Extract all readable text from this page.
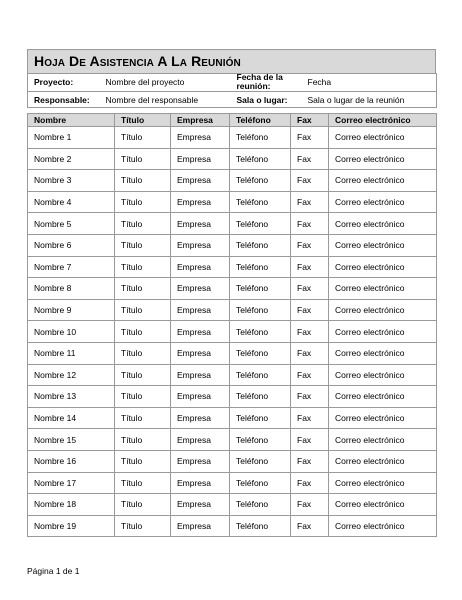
Hoja De Asistencia A La Reunión
Proyecto:	Nombre del proyecto	Fecha de la reunión:	Fecha
Responsable:	Nombre del responsable	Sala o lugar:	Sala o lugar de la reunión
Nombre	Título	Empresa	Teléfono	Fax	Correo electrónico
Nombre 1	Título	Empresa	Teléfono	Fax	Correo electrónico
Nombre 2	Título	Empresa	Teléfono	Fax	Correo electrónico
Nombre 3	Título	Empresa	Teléfono	Fax	Correo electrónico
Nombre 4	Título	Empresa	Teléfono	Fax	Correo electrónico
Nombre 5	Título	Empresa	Teléfono	Fax	Correo electrónico
Nombre 6	Título	Empresa	Teléfono	Fax	Correo electrónico
Nombre 7	Título	Empresa	Teléfono	Fax	Correo electrónico
Nombre 8	Título	Empresa	Teléfono	Fax	Correo electrónico
Nombre 9	Título	Empresa	Teléfono	Fax	Correo electrónico
Nombre 10	Título	Empresa	Teléfono	Fax	Correo electrónico
Nombre 11	Título	Empresa	Teléfono	Fax	Correo electrónico
Nombre 12	Título	Empresa	Teléfono	Fax	Correo electrónico
Nombre 13	Título	Empresa	Teléfono	Fax	Correo electrónico
Nombre 14	Título	Empresa	Teléfono	Fax	Correo electrónico
Nombre 15	Título	Empresa	Teléfono	Fax	Correo electrónico
Nombre 16	Título	Empresa	Teléfono	Fax	Correo electrónico
Nombre 17	Título	Empresa	Teléfono	Fax	Correo electrónico
Nombre 18	Título	Empresa	Teléfono	Fax	Correo electrónico
Nombre 19	Título	Empresa	Teléfono	Fax	Correo electrónico
Página 1 de 1
